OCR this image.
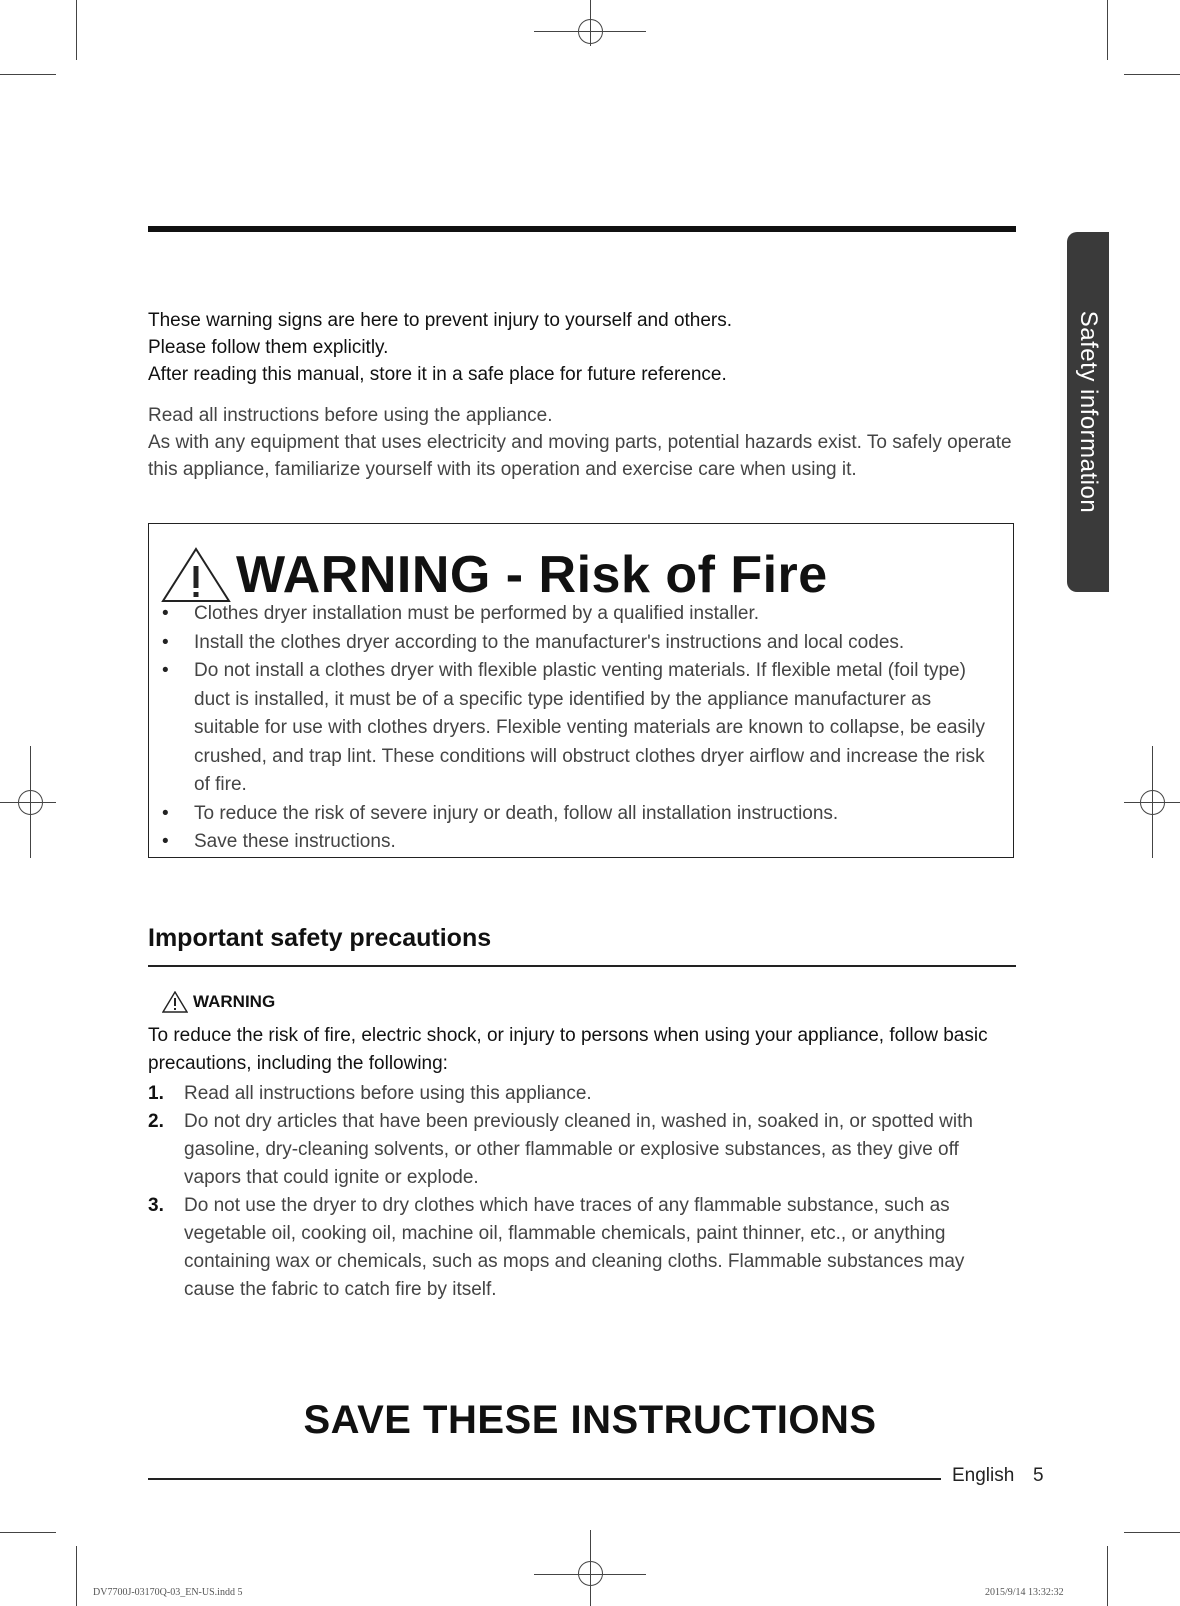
Safety information

These warning signs are here to prevent injury to yourself and others.

Please follow them explicitly.

After reading this manual, store it in a safe place for future reference.

Read all instructions before using the appliance.

As with any equipment that uses electricity and moving parts, potential hazards exist. To safely operate this appliance, familiarize yourself with its operation and exercise care when using it.

WARNING - Risk of Fire
• Clothes dryer installation must be performed by a qualified installer.
• Install the clothes dryer according to the manufacturer's instructions and local codes.
• Do not install a clothes dryer with flexible plastic venting materials. If flexible metal (foil type) duct is installed, it must be of a specific type identified by the appliance manufacturer as suitable for use with clothes dryers. Flexible venting materials are known to collapse, be easily crushed, and trap lint. These conditions will obstruct clothes dryer airflow and increase the risk of fire.
• To reduce the risk of severe injury or death, follow all installation instructions.
• Save these instructions.
Important safety precautions
WARNING

To reduce the risk of fire, electric shock, or injury to persons when using your appliance, follow basic precautions, including the following:

1. Read all instructions before using this appliance.
2. Do not dry articles that have been previously cleaned in, washed in, soaked in, or spotted with gasoline, dry-cleaning solvents, or other flammable or explosive substances, as they give off vapors that could ignite or explode.
3. Do not use the dryer to dry clothes which have traces of any flammable substance, such as vegetable oil, cooking oil, machine oil, flammable chemicals, paint thinner, etc., or anything containing wax or chemicals, such as mops and cleaning cloths. Flammable substances may cause the fabric to catch fire by itself.
SAVE THESE INSTRUCTIONS
English 5
DV7700J-03170Q-03_EN-US.indd 5	2015/9/14 13:32:32
